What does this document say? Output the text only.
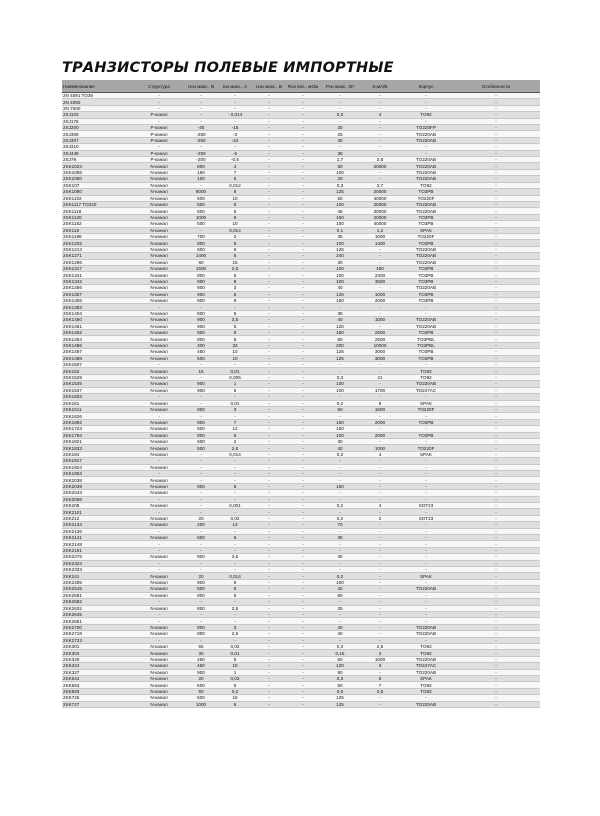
ТРАНЗИСТОРЫ ПОЛЕВЫЕ ИМПОРТНЫЕ
Наименование	Структура	Uси макс., В	Iси макс., А	Uзи макс., В	Rси вкл., мОм	Pси макс., Вт	S,мА/В	Корпус	Особенности
2N 4091 TO39	-	-	-	-	-	-	-	-	-
2N 4092	-	-	-	-	-	-	-	-	-
2N 7000	-	-	-	-	-	-	-	-	-
2SJ103	P-канал	-	- 0,014	-	-	0,3	4	TO92	-
2SJ176	-	-	-	-	-	-	-	-	-
2SJ200	P-канал	-40	-15	-	-	30	-	TO220FP	-
2SJ306	P-канал	-250	-3	-	-	25	-	TO220AB	-
2SJ307	P-канал	-250	-24	-	-	30	-	TO220AB	-
2SJ310	-	-	-	-	-	-	-	-	-
2SJ449	P-канал	-250	-6	-	-	35	-	-	-
2SJ79	P-канал	-200	-0,5	-	-	1,7	2,8	TO220AB	-
2SK1023	N-канал	800	4	-	-	80	20000	TO220AB	-
2SK1058	N-канал	160	7	-	-	100	-	TO220AB	-
2SK1060	N-канал	100	5	-	-	20	-	TO220AB	-
2SK107	N-канал	-	0,012	-	-	0,3	2,7	TO92	-
2SK1080	N-канал	8000	8	-	-	125	20000	TO3PB	-
2SK1102	N-канал	500	10	-	-	50	40000	TO220F	-
2SK1117 TO220	N-канал	600	6	-	-	100	25000	TO220AB	-
2SK1118	N-канал	600	6	-	-	45	30000	TO220AB	-
2SK1120	N-канал	1000	8	-	-	150	20000	TO3PB	-
2SK1162	N-канал	500	10	-	-	100	40000	TO3PB	-
2SK118	N-канал	-	0,014	-	-	0,1	1,2	SPAK	-
2SK1198	N-канал	700	2	-	-	35	1000	TO220F	-
2SK1202	N-канал	900	5	-	-	100	1400	TO3PB	-
2SK1213	N-канал	600	6	-	-	125	-	TO220AB	-
2SK1271	N-канал	1400	5	-	-	240	-	TO220AB	-
2SK1286	N-канал	60	15	-	-	30	-	TO220AB	-
2SK1317	N-канал	1500	2,5	-	-	100	450	TO3PB	-
2SK1341	N-канал	900	6	-	-	100	2300	TO3PB	-
2SK1342	N-канал	900	8	-	-	100	3500	TO3PB	-
2SK1356	N-канал	900	3	-	-	40	-	TO220AB	-
2SK1357	N-канал	900	5	-	-	125	1000	TO3PB	-
2SK1358	N-канал	900	9	-	-	150	2000	TO3PB	-
2SK1383	-	-	-	-	-	-	-	-	-
2SK1404	N-канал	800	5	-	-	35	-	-	-
2SK1450	N-канал	900	3,5	-	-	40	1000	TO220AB	-
2SK1461	N-канал	900	5	-	-	120	-	TO220AB	-
2SK1462	N-канал	900	8	-	-	150	2500	TO3PB	-
2SK1464	N-канал	900	8	-	-	80	2500	TO3PBL	-
2SK1486	N-канал	300	32	-	-	200	10000	TO3PBL	-
2SK1487	N-канал	450	10	-	-	125	3000	TO3PB	-
2SK1488	N-канал	500	10	-	-	125	3000	TO3PB	-
2SK1507	-	-	-	-	-	-	-	-	-
2SK152	N-канал	15	0,01	-	-	-	-	TO92	-
2SK1529	N-канал	-	0,005	-	-	0,3	21	TO92	-
2SK1535	N-канал	900	1	-	-	100	-	TO220AB	-
2SK1537	N-канал	900	5	-	-	100	1700	TO247AC	-
2SK1603	-	-	-	-	-	-	-	-	-
2SK161	N-канал	-	0,01	-	-	0,2	9	SPAK	-
2SK1611	N-канал	800	3	-	-	50	1500	TO220F	-
2SK1626	-	-	-	-	-	-	-	-	-
2SK1692	N-канал	900	7	-	-	150	2000	TO3PB	-
2SK1723	N-канал	600	12	-	-	150	-	-	-
2SK1794	N-канал	900	6	-	-	100	2000	TO3PB	-
2SK1821	N-канал	600	2	-	-	30	-	-	-
2SK1833	N-канал	500	2,5	-	-	40	1000	TO220F	-
2SK184	N-канал	-	0,014	-	-	0,2	4	SPAK	-
2SK1917	-	-	-	-	-	-	-	-	-
2SK1924	N-канал	-	-	-	-	-	-	-	-
2SK1953	-	-	-	-	-	-	-	-	-
2SK2038	N-канал	-	-	-	-	-	-	-	-
2SK2039	N-канал	900	5	-	-	150	-	-	-
2SK2043	N-канал	-	-	-	-	-	-	-	-
2SK2056	-	-	-	-	-	-	-	-	-
2SK208	N-канал	-	0,001	-	-	0,2	4	SOT23	-
2SK2101	-	-	-	-	-	-	-	-	-
2SK212	N-канал	20	0,02	-	-	0,2	2	SOT23	-
2SK2134	N-канал	200	13	-	-	70	-	-	-
2SK2136	-	-	-	-	-	-	-	-	-
2SK2141	N-канал	600	6	-	-	35	-	-	-
2SK2148	-	-	-	-	-	-	-	-	-
2SK2161	-	-	-	-	-	-	-	-	-
2SK2275	N-канал	900	3,5	-	-	35	-	-	-
2SK2324	-	-	-	-	-	-	-	-	-
2SK2333	-	-	-	-	-	-	-	-	-
2SK241	N-канал	20	0,014	-	-	0,2	-	SPAK	-
2SK2485	N-канал	900	6	-	-	100	-	-	-
2SK2545	N-канал	600	6	-	-	40	-	TO220AB	-
2SK2581	N-канал	900	6	-	-	80	-	-	-
2SK2582	-	-	-	-	-	-	-	-	-
2SK2632	N-канал	800	2,5	-	-	25	-	-	-
2SK2645	-	-	-	-	-	-	-	-	-
2SK2651	-	-	-	-	-	-	-	-	-
2SK2700	N-канал	900	3	-	-	40	-	TO220AB	-
2SK2718	N-канал	900	2,5	-	-	40	-	TO220AB	-
2SK2723	-	-	-	-	-	-	-	-	-
2SK301	N-канал	55	0,02	-	-	0,3	2,5	TO92	-
2SK304	N-канал	30	0,01	-	-	0,15	3	TO92	-
2SK320	N-канал	450	5	-	-	50	1000	TO220AB	-
2SK324	N-канал	450	10	-	-	120	3	TO247AC	-
2SK327	N-канал	900	1	-	-	80	-	TO220AB	-
2SK544	N-канал	20	0,03	-	-	0,3	5	SPAK	-
2SK553	N-канал	500	5	-	-	50	7	TO92	-
2SK583	N-канал	50	0,2	-	-	0,6	2,5	TO92	-
2SK725	N-канал	500	15	-	-	125	-	-	-
2SK727	N-канал	1000	5	-	-	125	-	TO220AB	-
